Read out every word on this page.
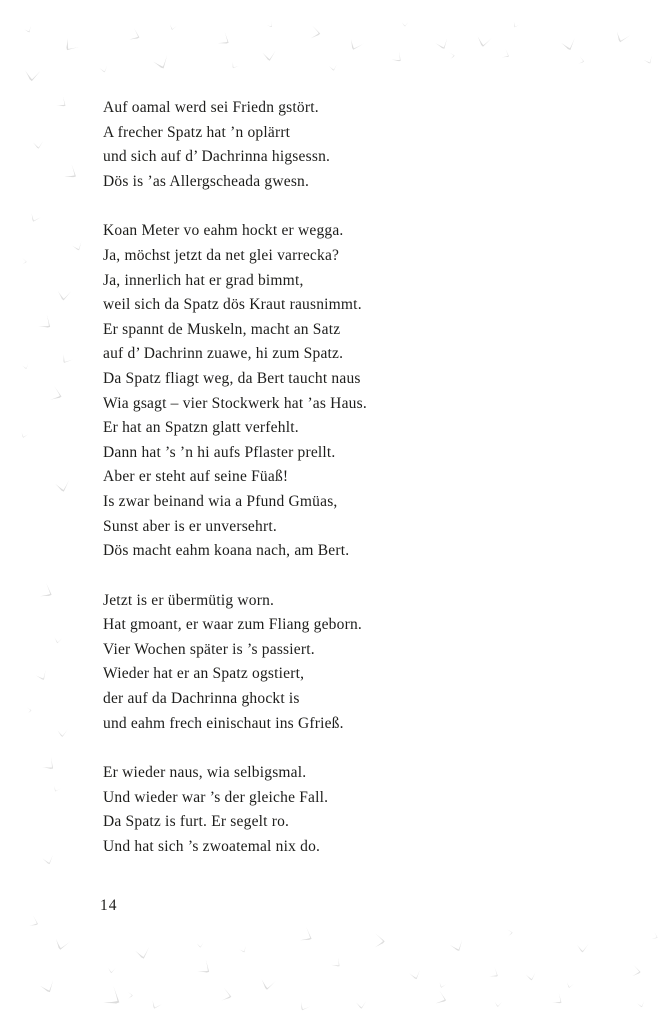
Auf oamal werd sei Friedn gstört.
A frecher Spatz hat ’n oplärrt
und sich auf d’ Dachrinna higsessn.
Dös is ’as Allergscheada gwesn.
Koan Meter vo eahm hockt er wegga.
Ja, möchst jetzt da net glei varrecka?
Ja, innerlich hat er grad bimmt,
weil sich da Spatz dös Kraut rausnimmt.
Er spannt de Muskeln, macht an Satz
auf d’ Dachrinn zuawe, hi zum Spatz.
Da Spatz fliagt weg, da Bert taucht naus
Wia gsagt – vier Stockwerk hat ’as Haus.
Er hat an Spatzn glatt verfehlt.
Dann hat ’s ’n hi aufs Pflaster prellt.
Aber er steht auf seine Füaß!
Is zwar beinand wia a Pfund Gmüas,
Sunst aber is er unversehrt.
Dös macht eahm koana nach, am Bert.
Jetzt is er übermütig worn.
Hat gmoant, er waar zum Fliang geborn.
Vier Wochen später is ’s passiert.
Wieder hat er an Spatz ogstiert,
der auf da Dachrinna ghockt is
und eahm frech einischaut ins Gfrieß.
Er wieder naus, wia selbigsmal.
Und wieder war ’s der gleiche Fall.
Da Spatz is furt. Er segelt ro.
Und hat sich ’s zwoatemal nix do.
14
